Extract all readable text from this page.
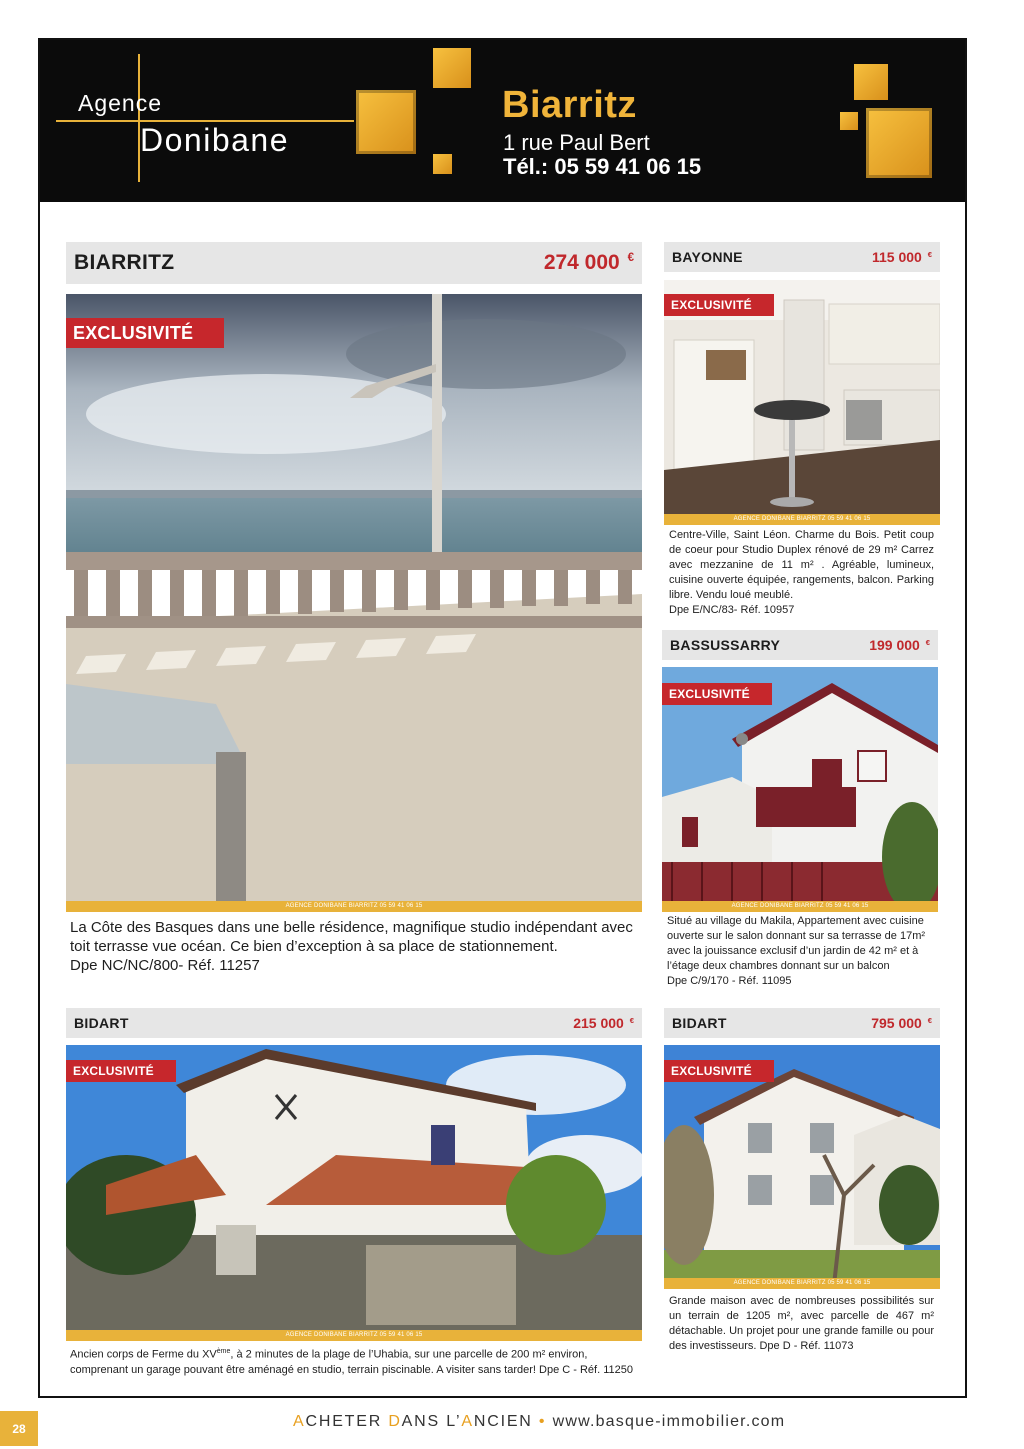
Agence
Donibane
Biarritz
1 rue Paul Bert
Tél.: 05 59 41 06 15
BIARRITZ	274 000 €
EXCLUSIVITÉ
AGENCE DONIBANE BIARRITZ 05 59 41 06 15
La Côte des Basques dans une belle résidence, magnifique studio indépendant avec toit terrasse vue océan. Ce bien d’exception à sa place de stationnement.
Dpe NC/NC/800- Réf. 11257
BAYONNE	115 000 €
EXCLUSIVITÉ
AGENCE DONIBANE BIARRITZ 05 59 41 06 15
Centre-Ville, Saint Léon. Charme du Bois. Petit coup de coeur pour Studio Duplex rénové de 29 m² Carrez avec mezzanine de 11 m² . Agréable, lumineux, cuisine ouverte équipée, rangements, balcon. Parking libre. Vendu loué meublé.
Dpe E/NC/83- Réf. 10957
BASSUSSARRY	199 000 €
EXCLUSIVITÉ
AGENCE DONIBANE BIARRITZ 05 59 41 06 15
Situé au village du Makila, Appartement avec cuisine ouverte sur le salon donnant sur sa terrasse de 17m² avec la jouissance exclusif d’un jardin de 42 m² et à l’étage deux chambres donnant sur un balcon
Dpe C/9/170 - Réf. 11095
BIDART	215 000 €
EXCLUSIVITÉ
AGENCE DONIBANE BIARRITZ 05 59 41 06 15
Ancien corps de Ferme du XVème, à 2 minutes de la plage de l’Uhabia, sur une parcelle de 200 m² environ, comprenant un garage pouvant être aménagé en studio, terrain piscinable. A visiter sans tarder! Dpe C - Réf. 11250
BIDART	795 000 €
EXCLUSIVITÉ
AGENCE DONIBANE BIARRITZ 05 59 41 06 15
Grande maison avec de nombreuses possibilités sur un terrain de 1205 m², avec parcelle de 467 m² détachable. Un projet pour une grande famille ou pour des investisseurs. Dpe D - Réf. 11073
28	ACHETER DANS L’ANCIEN • www.basque-immobilier.com
